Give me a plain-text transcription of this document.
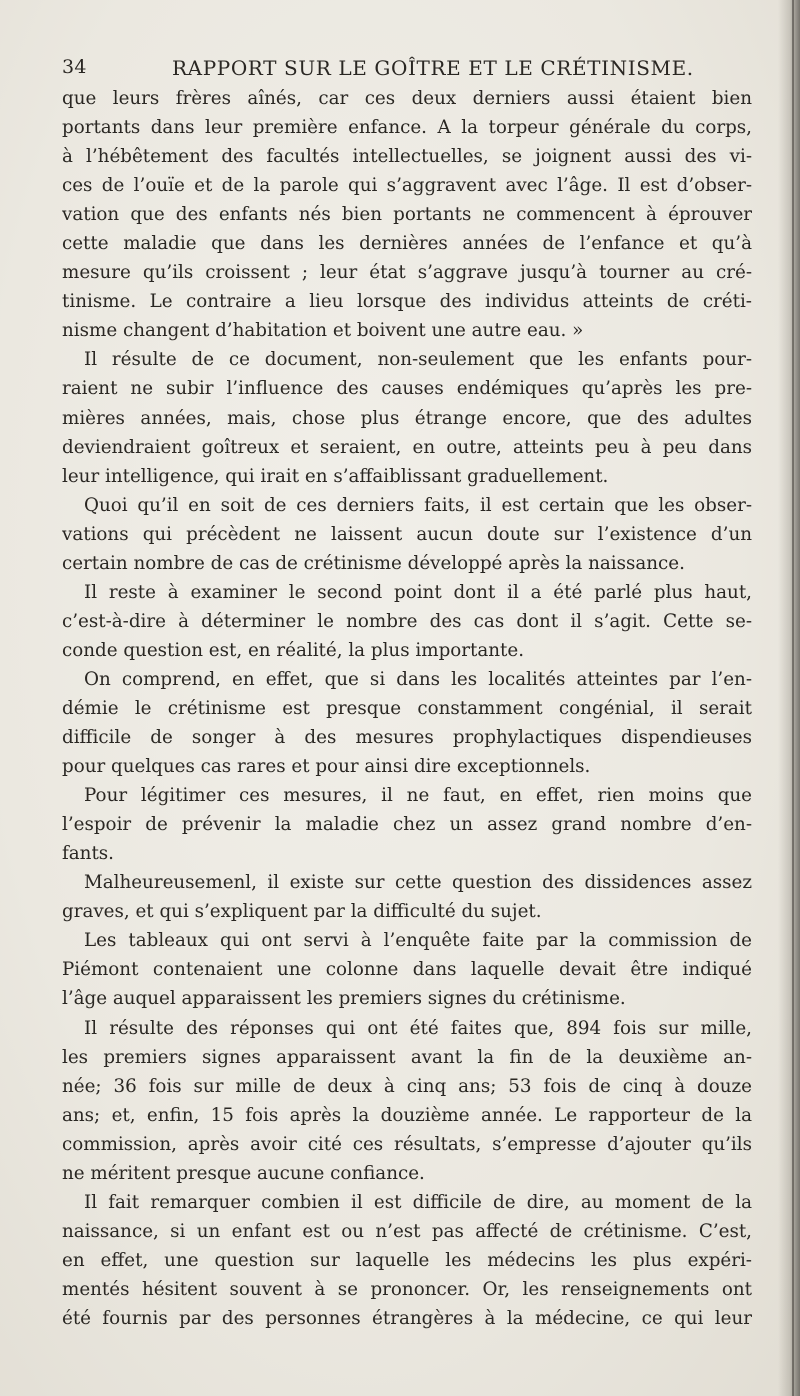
34	RAPPORT SUR LE GOÎTRE ET LE CRÉTINISME.
que leurs frères aînés, car ces deux derniers aussi étaient bien
portants dans leur première enfance. A la torpeur générale du corps,
à l’hébêtement des facultés intellectuelles, se joignent aussi des vi-
ces de l’ouïe et de la parole qui s’aggravent avec l’âge. Il est d’obser-
vation que des enfants nés bien portants ne commencent à éprouver
cette maladie que dans les dernières années de l’enfance et qu’à
mesure qu’ils croissent ; leur état s’aggrave jusqu’à tourner au cré-
tinisme. Le contraire a lieu lorsque des individus atteints de créti-
nisme changent d’habitation et boivent une autre eau. »
Il résulte de ce document, non-seulement que les enfants pour-
raient ne subir l’influence des causes endémiques qu’après les pre-
mières années, mais, chose plus étrange encore, que des adultes
deviendraient goîtreux et seraient, en outre, atteints peu à peu dans
leur intelligence, qui irait en s’affaiblissant graduellement.
Quoi qu’il en soit de ces derniers faits, il est certain que les obser-
vations qui précèdent ne laissent aucun doute sur l’existence d’un
certain nombre de cas de crétinisme développé après la naissance.
Il reste à examiner le second point dont il a été parlé plus haut,
c’est-à-dire à déterminer le nombre des cas dont il s’agit. Cette se-
conde question est, en réalité, la plus importante.
On comprend, en effet, que si dans les localités atteintes par l’en-
démie le crétinisme est presque constamment congénial, il serait
difficile de songer à des mesures prophylactiques dispendieuses
pour quelques cas rares et pour ainsi dire exceptionnels.
Pour légitimer ces mesures, il ne faut, en effet, rien moins que
l’espoir de prévenir la maladie chez un assez grand nombre d’en-
fants.
Malheureusemenl, il existe sur cette question des dissidences assez
graves, et qui s’expliquent par la difficulté du sujet.
Les tableaux qui ont servi à l’enquête faite par la commission de
Piémont contenaient une colonne dans laquelle devait être indiqué
l’âge auquel apparaissent les premiers signes du crétinisme.
Il résulte des réponses qui ont été faites que, 894 fois sur mille,
les premiers signes apparaissent avant la fin de la deuxième an-
née; 36 fois sur mille de deux à cinq ans; 53 fois de cinq à douze
ans; et, enfin, 15 fois après la douzième année. Le rapporteur de la
commission, après avoir cité ces résultats, s’empresse d’ajouter qu’ils
ne méritent presque aucune confiance.
Il fait remarquer combien il est difficile de dire, au moment de la
naissance, si un enfant est ou n’est pas affecté de crétinisme. C’est,
en effet, une question sur laquelle les médecins les plus expéri-
mentés hésitent souvent à se prononcer. Or, les renseignements ont
été fournis par des personnes étrangères à la médecine, ce qui leur
